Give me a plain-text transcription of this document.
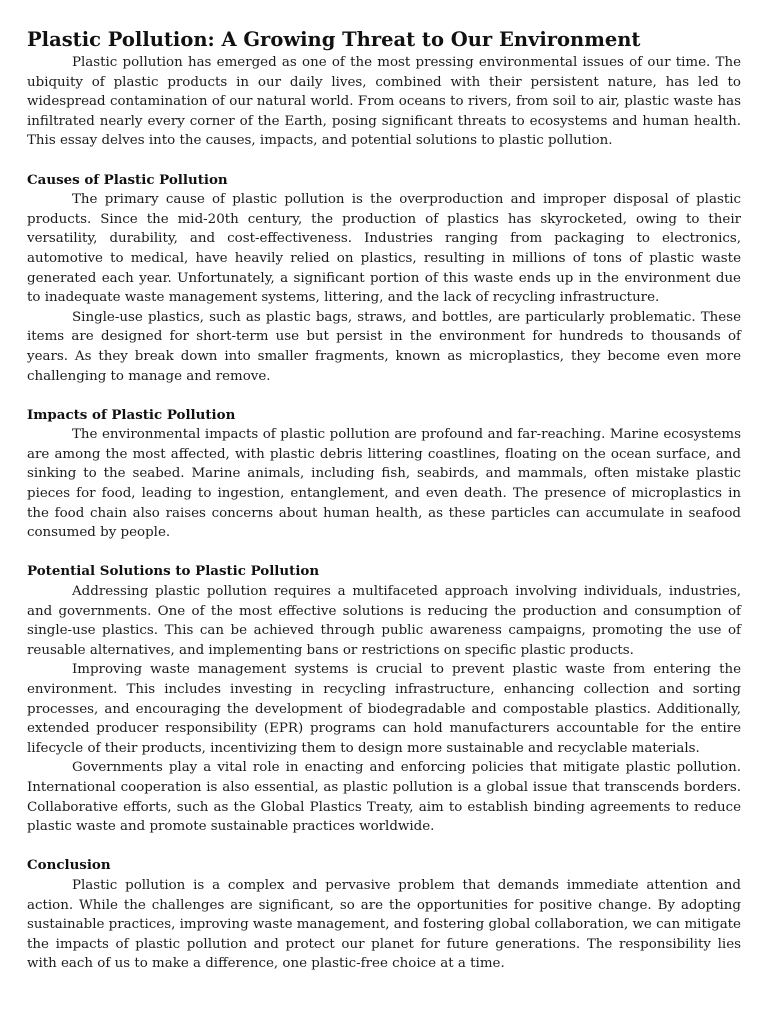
Plastic Pollution: A Growing Threat to Our Environment

Plastic pollution has emerged as one of the most pressing environmental issues of our time. The ubiquity of plastic products in our daily lives, combined with their persistent nature, has led to widespread contamination of our natural world. From oceans to rivers, from soil to air, plastic waste has infiltrated nearly every corner of the Earth, posing significant threats to ecosystems and human health. This essay delves into the causes, impacts, and potential solutions to plastic pollution.

Causes of Plastic Pollution

The primary cause of plastic pollution is the overproduction and improper disposal of plastic products. Since the mid-20th century, the production of plastics has skyrocketed, owing to their versatility, durability, and cost-effectiveness. Industries ranging from packaging to electronics, automotive to medical, have heavily relied on plastics, resulting in millions of tons of plastic waste generated each year. Unfortunately, a significant portion of this waste ends up in the environment due to inadequate waste management systems, littering, and the lack of recycling infrastructure.

Single-use plastics, such as plastic bags, straws, and bottles, are particularly problematic. These items are designed for short-term use but persist in the environment for hundreds to thousands of years. As they break down into smaller fragments, known as microplastics, they become even more challenging to manage and remove.

Impacts of Plastic Pollution

The environmental impacts of plastic pollution are profound and far-reaching. Marine ecosystems are among the most affected, with plastic debris littering coastlines, floating on the ocean surface, and sinking to the seabed. Marine animals, including fish, seabirds, and mammals, often mistake plastic pieces for food, leading to ingestion, entanglement, and even death. The presence of microplastics in the food chain also raises concerns about human health, as these particles can accumulate in seafood consumed by people.

Potential Solutions to Plastic Pollution

Addressing plastic pollution requires a multifaceted approach involving individuals, industries, and governments. One of the most effective solutions is reducing the production and consumption of single-use plastics. This can be achieved through public awareness campaigns, promoting the use of reusable alternatives, and implementing bans or restrictions on specific plastic products.

Improving waste management systems is crucial to prevent plastic waste from entering the environment. This includes investing in recycling infrastructure, enhancing collection and sorting processes, and encouraging the development of biodegradable and compostable plastics. Additionally, extended producer responsibility (EPR) programs can hold manufacturers accountable for the entire lifecycle of their products, incentivizing them to design more sustainable and recyclable materials.

Governments play a vital role in enacting and enforcing policies that mitigate plastic pollution. International cooperation is also essential, as plastic pollution is a global issue that transcends borders. Collaborative efforts, such as the Global Plastics Treaty, aim to establish binding agreements to reduce plastic waste and promote sustainable practices worldwide.

Conclusion

Plastic pollution is a complex and pervasive problem that demands immediate attention and action. While the challenges are significant, so are the opportunities for positive change. By adopting sustainable practices, improving waste management, and fostering global collaboration, we can mitigate the impacts of plastic pollution and protect our planet for future generations. The responsibility lies with each of us to make a difference, one plastic-free choice at a time.
